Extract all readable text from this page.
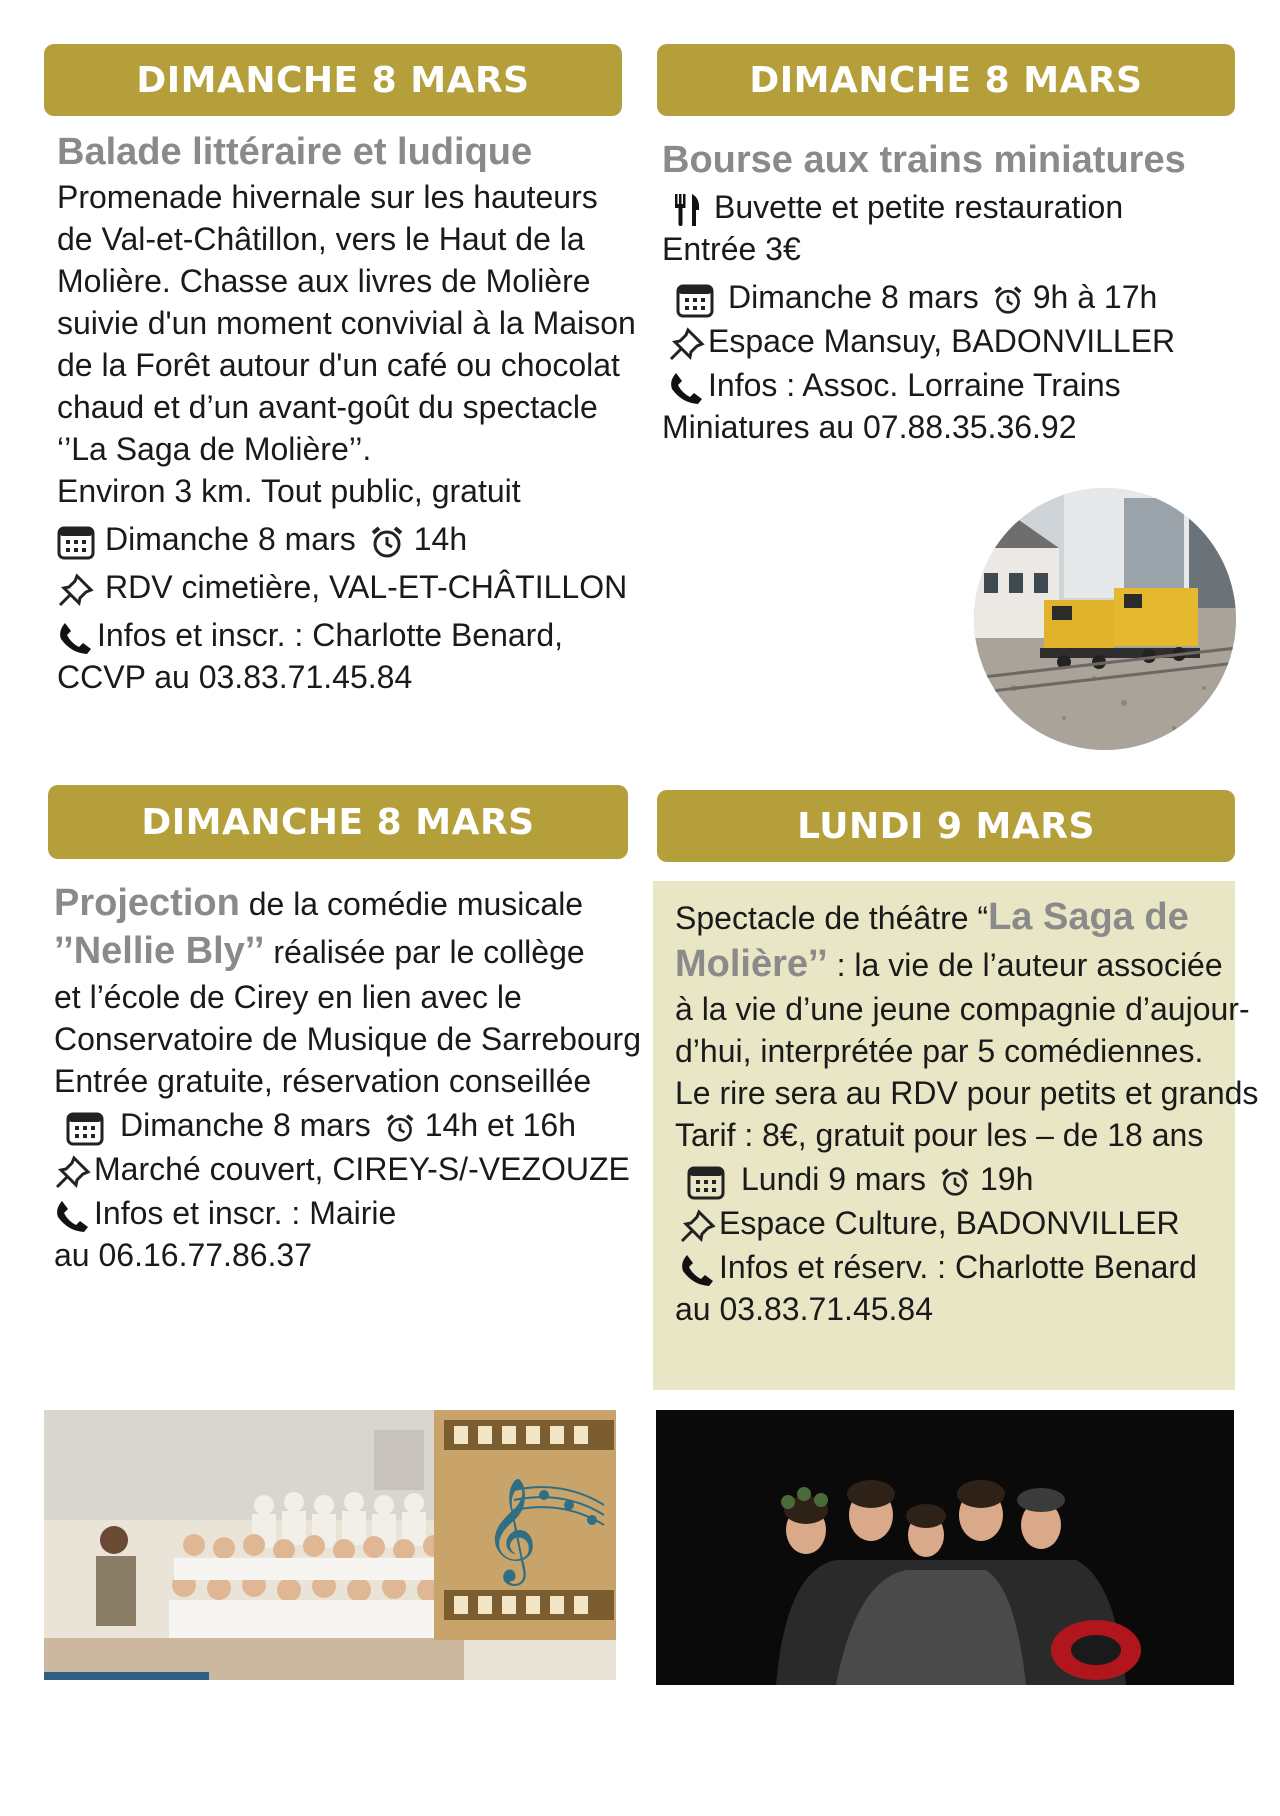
DIMANCHE 8 MARS
Balade littéraire et ludique
Promenade hivernale sur les hauteurs
de Val-et-Châtillon, vers le Haut de la
Molière. Chasse aux livres de Molière
suivie d'un moment convivial à la Maison
de la Forêt autour d'un café ou chocolat
chaud et d’un avant-goût du spectacle
‘’La Saga de Molière’’.
Environ 3 km. Tout public, gratuit
Dimanche 8 mars 14h
RDV cimetière, VAL-ET-CHÂTILLON
Infos et inscr. : Charlotte Benard,
CCVP au 03.83.71.45.84
DIMANCHE 8 MARS
Bourse aux trains miniatures
Buvette et petite restauration
Entrée 3€
Dimanche 8 mars 9h à 17h
Espace Mansuy, BADONVILLER
Infos : Assoc. Lorraine Trains
Miniatures au 07.88.35.36.92
DIMANCHE 8 MARS
Projection de la comédie musicale
’’Nellie Bly’’ réalisée par le collège
et l’école de Cirey en lien avec le
Conservatoire de Musique de Sarrebourg
Entrée gratuite, réservation conseillée
Dimanche 8 mars 14h et 16h
Marché couvert, CIREY-S/-VEZOUZE
Infos et inscr. : Mairie
au 06.16.77.86.37
𝄞
LUNDI 9 MARS
Spectacle de théâtre “La Saga de
Molière’’ : la vie de l’auteur associée
à la vie d’une jeune compagnie d’aujour-
d’hui, interprétée par 5 comédiennes.
Le rire sera au RDV pour petits et grands
Tarif : 8€, gratuit pour les – de 18 ans
Lundi 9 mars 19h
Espace Culture, BADONVILLER
Infos et réserv. : Charlotte Benard
au 03.83.71.45.84
